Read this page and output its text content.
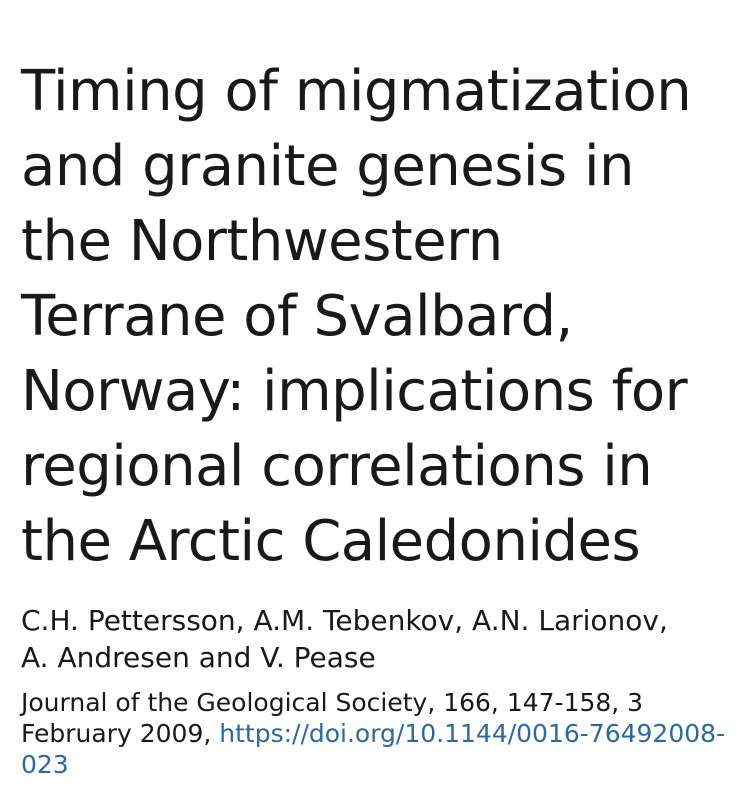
Timing of migmatization
and granite genesis in
the Northwestern
Terrane of Svalbard,
Norway: implications for
regional correlations in
the Arctic Caledonides

C.H. Pettersson, A.M. Tebenkov, A.N. Larionov,
A. Andresen and V. Pease

Journal of the Geological Society, 166, 147-158, 3
February 2009, https://doi.org/10.1144/0016-76492008-
023
